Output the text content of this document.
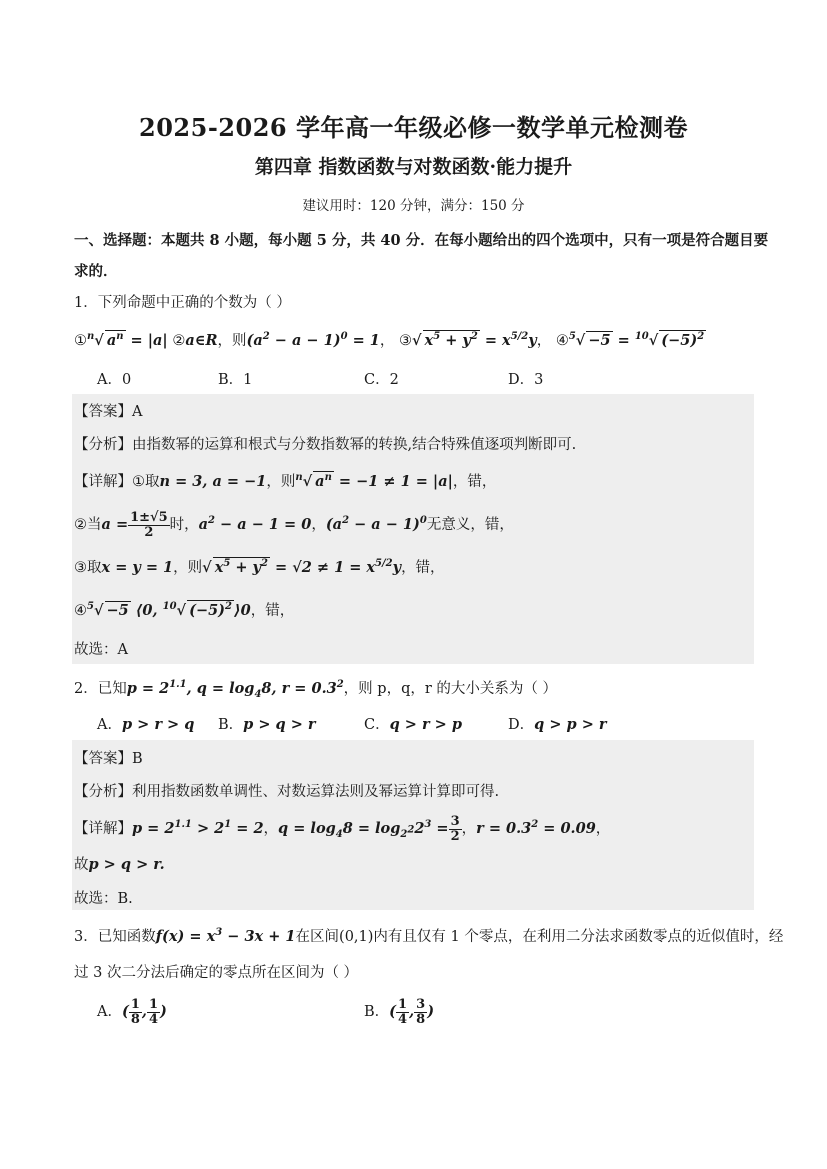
2025-2026 学年高一年级必修一数学单元检测卷
第四章 指数函数与对数函数·能力提升
建议用时：120 分钟，满分：150 分
一、选择题：本题共 8 小题，每小题 5 分，共 40 分．在每小题给出的四个选项中，只有一项是符合题目要
求的．
1．下列命题中正确的个数为（ ）
①$^n$√ $a^n = |a|$ ②a∈R，则$(a^2 - a - 1)^0 = 1$， ③√ $x^5 + y^2 = x^{5/2}y$， ④$^5$√ −5 = $^{10}$√ $(-5)^2$
A．0	B．1	C．2	D．3
【答案】A
【分析】由指数幂的运算和根式与分数指数幂的转换,结合特殊值逐项判断即可.
【详解】①取n = 3, a = −1，则$^n$√ $a^n = -1 \ne 1 = |a|$，错，
②当$a = \frac{1\pm√5}{2}$ 时，$a^2 - a - 1 = 0$，$(a^2 - a - 1)^0$无意义，错，
③取x = y = 1，则√ $x^5 + y^2 = √2 \ne 1 = x^{5/2}y$，错，
④$^5$√ −5 ⟨0, $^{10}$√ $(-5)^2$ ⟩0，错，
故选：A
2．已知$p = 2^{1.1}$, $q = \log_48$, $r = 0.3^2$，则 p，q，r 的大小关系为（ ）
A．p > r > q B．p > q > r	C．q > r > p	D．q > p > r
【答案】B
【分析】利用指数函数单调性、对数运算法则及幂运算计算即可得.
【详解】$p = 2^{1.1} > 2^1 = 2$，$q = \log_48 = \log_{22}2^3 = \frac{3}{2}$ ，$r = 0.3^2 = 0.09$，
故p > q > r.
故选：B.
3．已知函数$f(x) = x^3 - 3x + 1$在区间(0,1)内有且仅有 1 个零点，在利用二分法求函数零点的近似值时，经
过 3 次二分法后确定的零点所在区间为（ ）
A．( $\frac{1}{8}$ , $\frac{1}{4}$ )	B．( $\frac{1}{4}$ , $\frac{3}{8}$ )
